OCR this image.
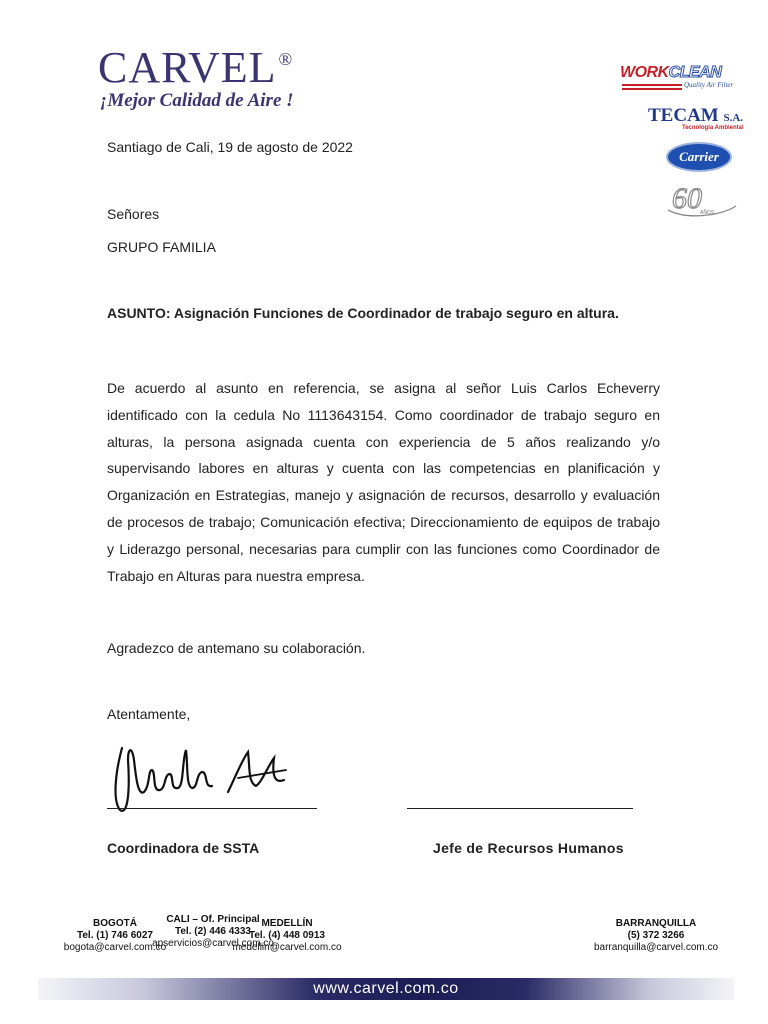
CARVEL ®
¡Mejor Calidad de Aire !
WORKCLEAN
Quality Air Filter
TECAM S.A.
Tecnología Ambiental
Carrier
60
AÑOS
Santiago de Cali, 19 de agosto de 2022
Señores
GRUPO FAMILIA
ASUNTO: Asignación Funciones de Coordinador de trabajo seguro en altura.
De acuerdo al asunto en referencia, se asigna al señor Luis Carlos Echeverry identificado con la cedula No 1113643154. Como coordinador de trabajo seguro en alturas, la persona asignada cuenta con experiencia de 5 años realizando y/o supervisando labores en alturas y cuenta con las competencias en planificación y Organización en Estrategias, manejo y asignación de recursos, desarrollo y evaluación de procesos de trabajo; Comunicación efectiva; Direccionamiento de equipos de trabajo y Liderazgo personal, necesarias para cumplir con las funciones como Coordinador de Trabajo en Alturas para nuestra empresa.
Agradezco de antemano su colaboración.
Atentamente,
Coordinadora de SSTA	Jefe de Recursos Humanos
BOGOTÁ
Tel. (1) 746 6027
bogota@carvel.com.co
CALI – Of. Principal
Tel. (2) 446 4333
apservicios@carvel.com.co
MEDELLÍN
Tel. (4) 448 0913
medellin@carvel.com.co
BARRANQUILLA
(5) 372 3266
barranquilla@carvel.com.co
www.carvel.com.co
